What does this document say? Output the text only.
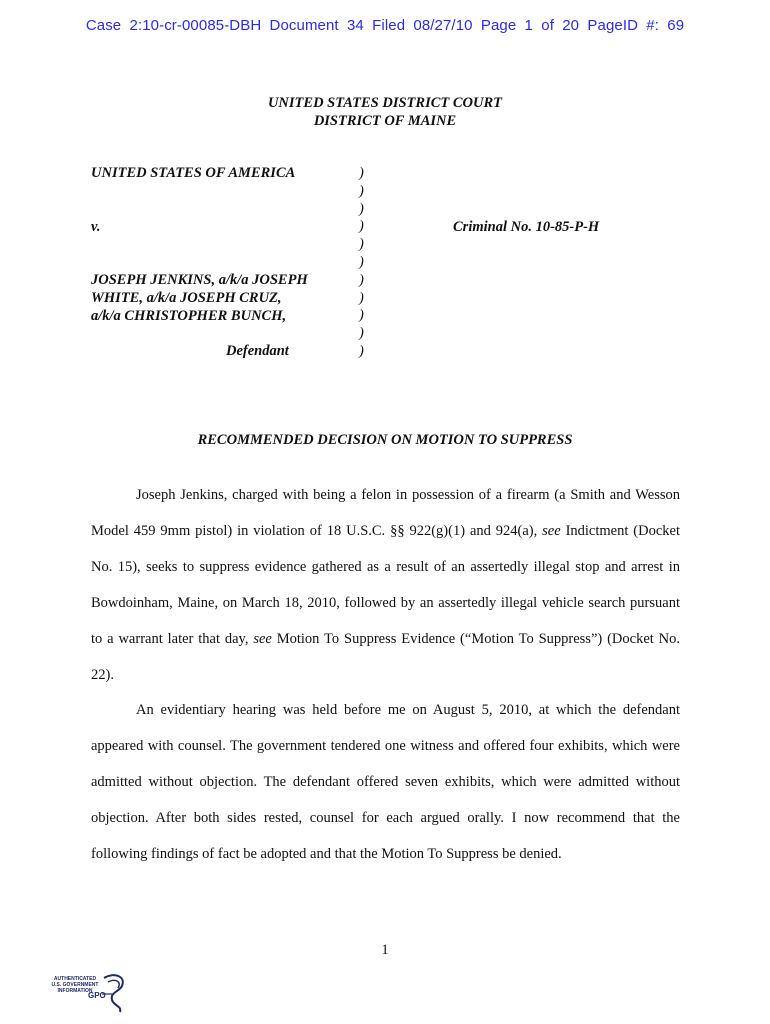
Case 2:10-cr-00085-DBH Document 34 Filed 08/27/10 Page 1 of 20 PageID #: 69
UNITED STATES DISTRICT COURT
DISTRICT OF MAINE
UNITED STATES OF AMERICA
v.
JOSEPH JENKINS, a/k/a JOSEPH
WHITE, a/k/a JOSEPH CRUZ,
a/k/a CHRISTOPHER BUNCH,
Defendant
)
)
)
)
)
)
)
)
)
)
)
Criminal No. 10-85-P-H
RECOMMENDED DECISION ON MOTION TO SUPPRESS

Joseph Jenkins, charged with being a felon in possession of a firearm (a Smith and Wesson Model 459 9mm pistol) in violation of 18 U.S.C. §§ 922(g)(1) and 924(a), see Indictment (Docket No. 15), seeks to suppress evidence gathered as a result of an assertedly illegal stop and arrest in Bowdoinham, Maine, on March 18, 2010, followed by an assertedly illegal vehicle search pursuant to a warrant later that day, see Motion To Suppress Evidence (“Motion To Suppress”) (Docket No. 22).

An evidentiary hearing was held before me on August 5, 2010, at which the defendant appeared with counsel. The government tendered one witness and offered four exhibits, which were admitted without objection. The defendant offered seven exhibits, which were admitted without objection. After both sides rested, counsel for each argued orally. I now recommend that the following findings of fact be adopted and that the Motion To Suppress be denied.

1
AUTHENTICATED
U.S. GOVERNMENT
INFORMATION
GPO
